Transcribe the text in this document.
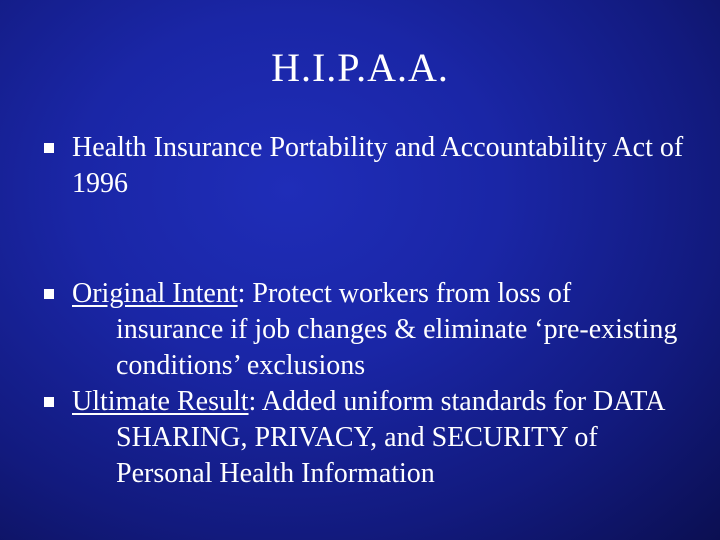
H.I.P.A.A.
Health Insurance Portability and Accountability Act of 1996
Original Intent: Protect workers from loss of insurance if job changes & eliminate ‘pre-existing conditions’ exclusions
Ultimate Result: Added uniform standards for DATA SHARING, PRIVACY, and SECURITY of Personal Health Information
